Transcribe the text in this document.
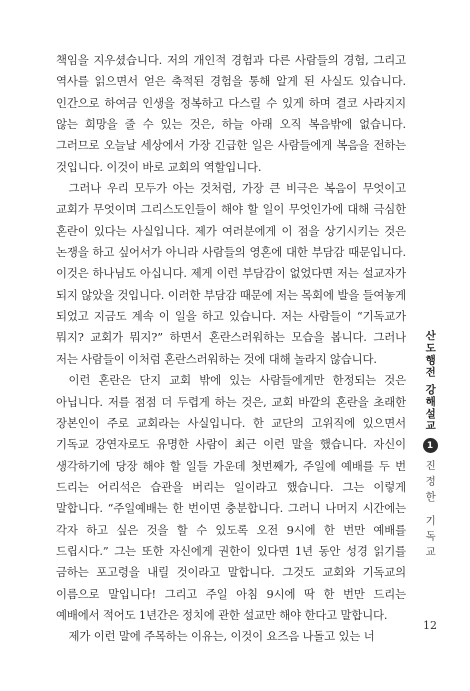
책임을 지우셨습니다. 저의 개인적 경험과 다른 사람들의 경험, 그리고 역사를 읽으면서 얻은 축적된 경험을 통해 알게 된 사실도 있습니다. 인간으로 하여금 인생을 정복하고 다스릴 수 있게 하며 결코 사라지지 않는 희망을 줄 수 있는 것은, 하늘 아래 오직 복음밖에 없습니다. 그러므로 오늘날 세상에서 가장 긴급한 일은 사람들에게 복음을 전하는 것입니다. 이것이 바로 교회의 역할입니다.

그러나 우리 모두가 아는 것처럼, 가장 큰 비극은 복음이 무엇이고 교회가 무엇이며 그리스도인들이 해야 할 일이 무엇인가에 대해 극심한 혼란이 있다는 사실입니다. 제가 여러분에게 이 점을 상기시키는 것은 논쟁을 하고 싶어서가 아니라 사람들의 영혼에 대한 부담감 때문입니다. 이것은 하나님도 아십니다. 제게 이런 부담감이 없었다면 저는 설교자가 되지 않았을 것입니다. 이러한 부담감 때문에 저는 목회에 발을 들여놓게 되었고 지금도 계속 이 일을 하고 있습니다. 저는 사람들이 “기독교가 뭐지? 교회가 뭐지?” 하면서 혼란스러워하는 모습을 봅니다. 그러나 저는 사람들이 이처럼 혼란스러워하는 것에 대해 놀라지 않습니다.

이런 혼란은 단지 교회 밖에 있는 사람들에게만 한정되는 것은 아닙니다. 저를 점점 더 두렵게 하는 것은, 교회 바깥의 혼란을 초래한 장본인이 주로 교회라는 사실입니다. 한 교단의 고위직에 있으면서 기독교 강연자로도 유명한 사람이 최근 이런 말을 했습니다. 자신이 생각하기에 당장 해야 할 일들 가운데 첫번째가, 주일에 예배를 두 번 드리는 어리석은 습관을 버리는 일이라고 했습니다. 그는 이렇게 말합니다. “주일예배는 한 번이면 충분합니다. 그러니 나머지 시간에는 각자 하고 싶은 것을 할 수 있도록 오전 9시에 한 번만 예배를 드립시다.” 그는 또한 자신에게 권한이 있다면 1년 동안 성경 읽기를 금하는 포고령을 내릴 것이라고 말합니다. 그것도 교회와 기독교의 이름으로 말입니다! 그리고 주일 아침 9시에 딱 한 번만 드리는 예배에서 적어도 1년간은 정치에 관한 설교만 해야 한다고 말합니다.

제가 이런 말에 주목하는 이유는, 이것이 요즈음 나돌고 있는 너

산도행전 강해설교
1
진정한 기독교
12
